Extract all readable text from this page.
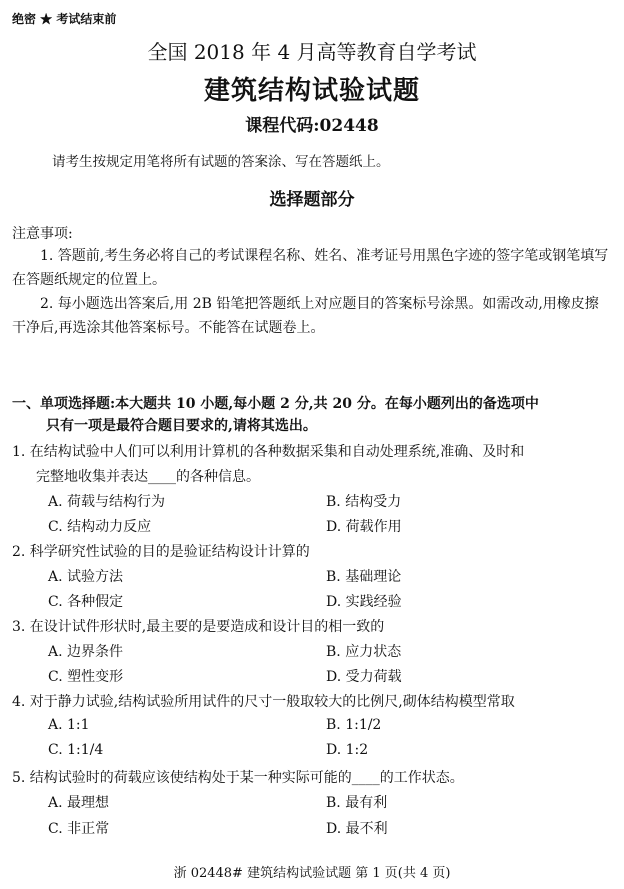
绝密 ★ 考试结束前
全国 2018 年 4 月高等教育自学考试
建筑结构试验试题
课程代码:02448
请考生按规定用笔将所有试题的答案涂、写在答题纸上。
选择题部分
注意事项:
1. 答题前,考生务必将自己的考试课程名称、姓名、准考证号用黑色字迹的签字笔或钢笔填写在答题纸规定的位置上。
2. 每小题选出答案后,用 2B 铅笔把答题纸上对应题目的答案标号涂黑。如需改动,用橡皮擦干净后,再选涂其他答案标号。不能答在试题卷上。
一、单项选择题:本大题共 10 小题,每小题 2 分,共 20 分。在每小题列出的备选项中
只有一项是最符合题目要求的,请将其选出。
1. 在结构试验中人们可以利用计算机的各种数据采集和自动处理系统,准确、及时和
完整地收集并表达____的各种信息。
A. 荷载与结构行为	B. 结构受力
C. 结构动力反应	D. 荷载作用
2. 科学研究性试验的目的是验证结构设计计算的
A. 试验方法	B. 基础理论
C. 各种假定	D. 实践经验
3. 在设计试件形状时,最主要的是要造成和设计目的相一致的
A. 边界条件	B. 应力状态
C. 塑性变形	D. 受力荷载
4. 对于静力试验,结构试验所用试件的尺寸一般取较大的比例尺,砌体结构模型常取
A. 1:1	B. 1:1/2
C. 1:1/4	D. 1:2
5. 结构试验时的荷载应该使结构处于某一种实际可能的____的工作状态。
A. 最理想	B. 最有利
C. 非正常	D. 最不利
浙 02448# 建筑结构试验试题 第 1 页(共 4 页)
